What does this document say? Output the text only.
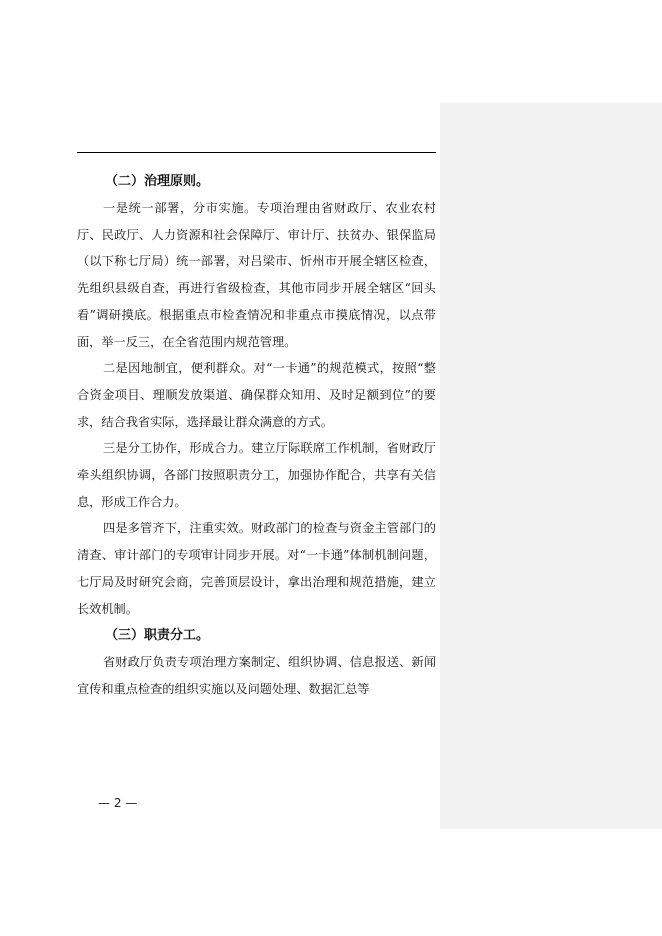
（二）治理原则。

一是统一部署，分市实施。专项治理由省财政厅、农业农村厅、民政厅、人力资源和社会保障厅、审计厅、扶贫办、银保监局（以下称七厅局）统一部署，对吕梁市、忻州市开展全辖区检查，先组织县级自查，再进行省级检查，其他市同步开展全辖区“回头看”调研摸底。根据重点市检查情况和非重点市摸底情况，以点带面，举一反三，在全省范围内规范管理。

二是因地制宜，便利群众。对“一卡通”的规范模式，按照“整合资金项目、理顺发放渠道、确保群众知用、及时足额到位”的要求，结合我省实际，选择最让群众满意的方式。

三是分工协作，形成合力。建立厅际联席工作机制，省财政厅牵头组织协调，各部门按照职责分工，加强协作配合，共享有关信息，形成工作合力。

四是多管齐下，注重实效。财政部门的检查与资金主管部门的清查、审计部门的专项审计同步开展。对“一卡通”体制机制问题，七厅局及时研究会商，完善顶层设计，拿出治理和规范措施，建立长效机制。

（三）职责分工。

省财政厅负责专项治理方案制定、组织协调、信息报送、新闻宣传和重点检查的组织实施以及问题处理、数据汇总等

— 2 —
